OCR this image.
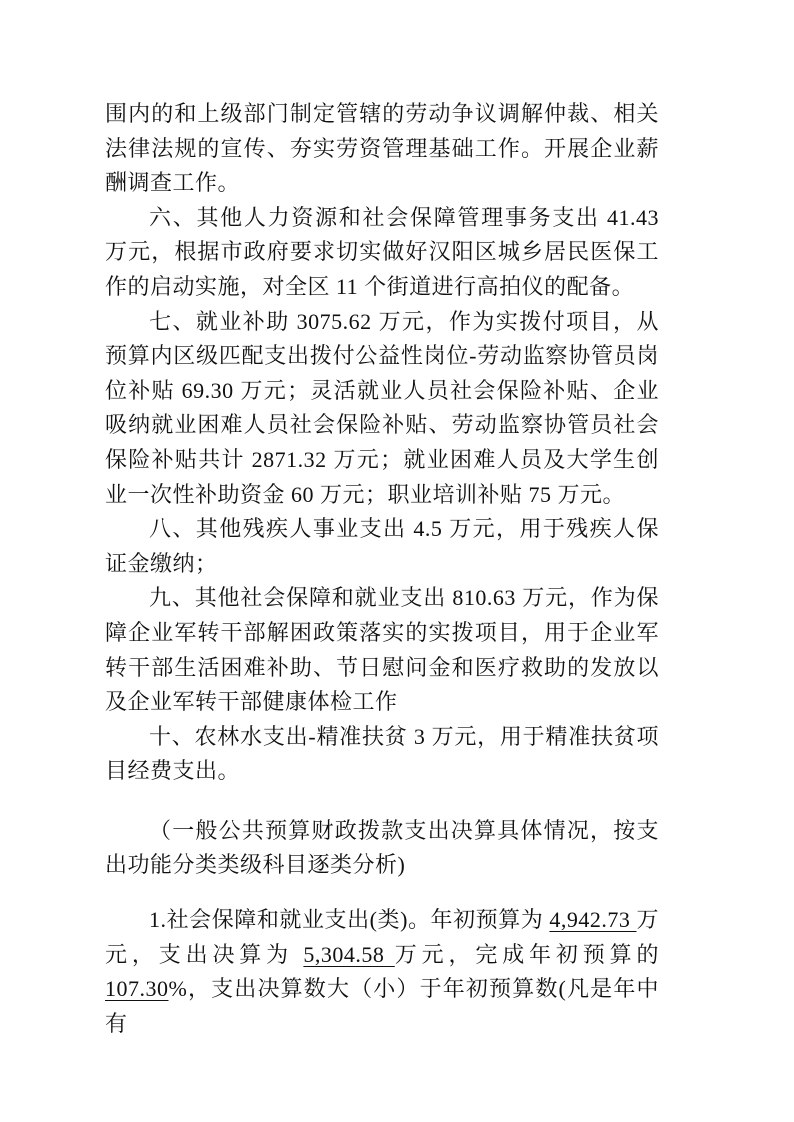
围内的和上级部门制定管辖的劳动争议调解仲裁、相关法律法规的宣传、夯实劳资管理基础工作。开展企业薪酬调查工作。

六、其他人力资源和社会保障管理事务支出 41.43 万元，根据市政府要求切实做好汉阳区城乡居民医保工作的启动实施，对全区 11 个街道进行高拍仪的配备。

七、就业补助 3075.62 万元，作为实拨付项目，从预算内区级匹配支出拨付公益性岗位-劳动监察协管员岗位补贴 69.30 万元；灵活就业人员社会保险补贴、企业吸纳就业困难人员社会保险补贴、劳动监察协管员社会保险补贴共计 2871.32 万元；就业困难人员及大学生创业一次性补助资金 60 万元；职业培训补贴 75 万元。

八、其他残疾人事业支出 4.5 万元，用于残疾人保证金缴纳；

九、其他社会保障和就业支出 810.63 万元，作为保障企业军转干部解困政策落实的实拨项目，用于企业军转干部生活困难补助、节日慰问金和医疗救助的发放以及企业军转干部健康体检工作

十、农林水支出-精准扶贫 3 万元，用于精准扶贫项目经费支出。

（一般公共预算财政拨款支出决算具体情况，按支出功能分类类级科目逐类分析)

1.社会保障和就业支出(类)。年初预算为 4,942.73 万元，支出决算为 5,304.58 万元，完成年初预算的107.30%，支出决算数大（小）于年初预算数(凡是年中有
